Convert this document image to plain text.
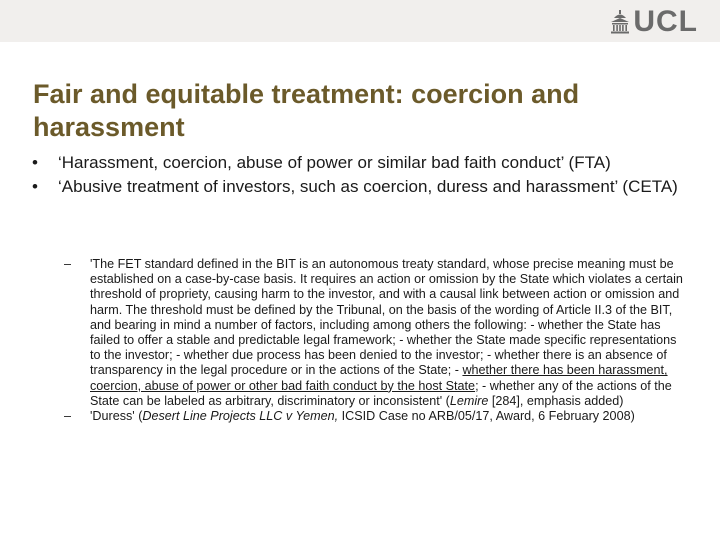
UCL
Fair and equitable treatment: coercion and harassment
• ‘Harassment, coercion, abuse of power or similar bad faith conduct’ (FTA)
• ‘Abusive treatment of investors, such as coercion, duress and harassment’ (CETA)
– 'The FET standard defined in the BIT is an autonomous treaty standard, whose precise meaning must be established on a case-by-case basis. It requires an action or omission by the State which violates a certain threshold of propriety, causing harm to the investor, and with a causal link between action or omission and harm. The threshold must be defined by the Tribunal, on the basis of the wording of Article II.3 of the BIT, and bearing in mind a number of factors, including among others the following: - whether the State has failed to offer a stable and predictable legal framework; - whether the State made specific representations to the investor; - whether due process has been denied to the investor; - whether there is an absence of transparency in the legal procedure or in the actions of the State; - whether there has been harassment, coercion, abuse of power or other bad faith conduct by the host State; - whether any of the actions of the State can be labeled as arbitrary, discriminatory or inconsistent' (Lemire [284], emphasis added)
– 'Duress' (Desert Line Projects LLC v Yemen, ICSID Case no ARB/05/17, Award, 6 February 2008)
